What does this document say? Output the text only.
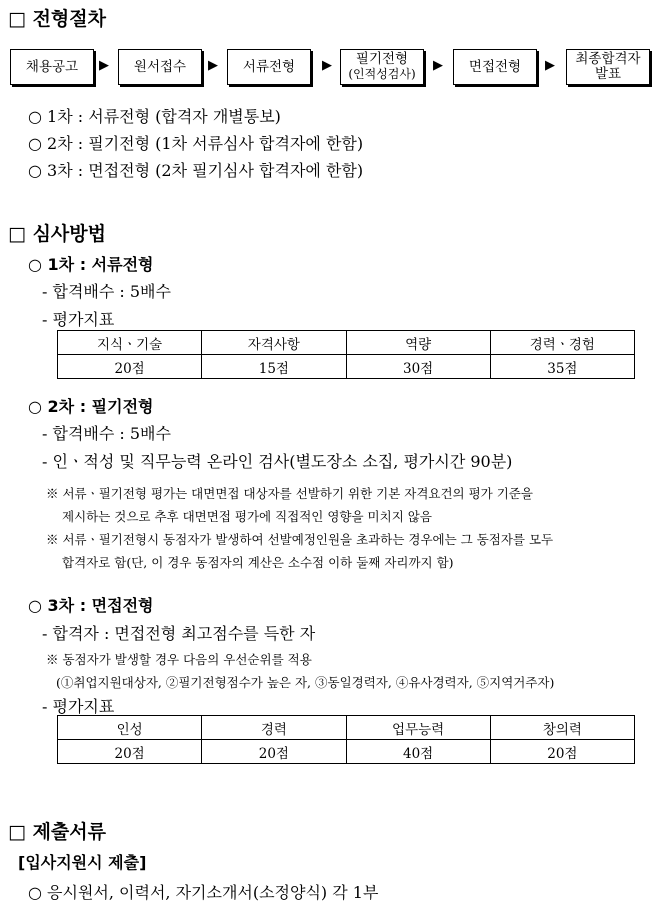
□ 전형절차
채용공고 ▶ 원서접수 ▶ 서류전형 ▶ 필기전형
(인적성검사)
▶ 면접전형 ▶ 최종합격자
발표
○ 1차 : 서류전형 (합격자 개별통보)
○ 2차 : 필기전형 (1차 서류심사 합격자에 한함)
○ 3차 : 면접전형 (2차 필기심사 합격자에 한함)
□ 심사방법
○ 1차 : 서류전형
- 합격배수 : 5배수
- 평가지표
지식ㆍ기술	자격사항	역량	경력ㆍ경험
20점	15점	30점	35점
○ 2차 : 필기전형
- 합격배수 : 5배수
- 인ㆍ적성 및 직무능력 온라인 검사(별도장소 소집, 평가시간 90분)
※ 서류ㆍ필기전형 평가는 대면면접 대상자를 선발하기 위한 기본 자격요건의 평가 기준을
제시하는 것으로 추후 대면면접 평가에 직접적인 영향을 미치지 않음
※ 서류ㆍ필기전형시 동점자가 발생하여 선발예정인원을 초과하는 경우에는 그 동점자를 모두
합격자로 함(단, 이 경우 동점자의 계산은 소수점 이하 둘째 자리까지 함)
○ 3차 : 면접전형
- 합격자 : 면접전형 최고점수를 득한 자
※ 동점자가 발생할 경우 다음의 우선순위를 적용
(①취업지원대상자, ②필기전형점수가 높은 자, ③동일경력자, ④유사경력자, ⑤지역거주자)
- 평가지표
인성	경력	업무능력	창의력
20점	20점	40점	20점
□ 제출서류
[입사지원시 제출]
○ 응시원서, 이력서, 자기소개서(소정양식) 각 1부
